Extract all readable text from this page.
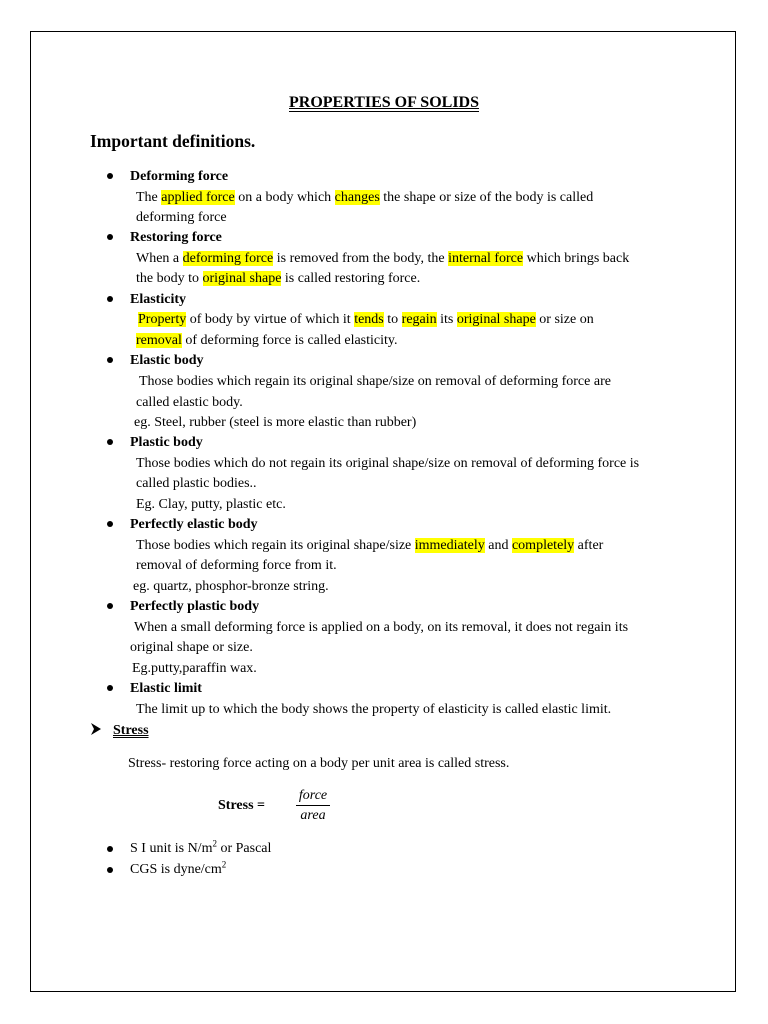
PROPERTIES OF SOLIDS
Important definitions.
Deforming force
The applied force on a body which changes the shape or size of the body is called
deforming force
Restoring force
When a deforming force is removed from the body, the internal force which brings back
the body to original shape is called restoring force.
Elasticity
Property of body by virtue of which it tends to regain its original shape or size on
removal of deforming force is called elasticity.
Elastic body
Those bodies which regain its original shape/size on removal of deforming force are
called elastic body.
eg. Steel, rubber (steel is more elastic than rubber)
Plastic body
Those bodies which do not regain its original shape/size on removal of deforming force is
called plastic bodies..
Eg. Clay, putty, plastic etc.
Perfectly elastic body
Those bodies which regain its original shape/size immediately and completely after
removal of deforming force from it.
eg. quartz, phosphor-bronze string.
Perfectly plastic body
When a small deforming force is applied on a body, on its removal, it does not regain its
original shape or size.
Eg.putty,paraffin wax.
Elastic limit
The limit up to which the body shows the property of elasticity is called elastic limit.
Stress
Stress- restoring force acting on a body per unit area is called stress.
Stress =
force
area
S I unit is $N/m^2$ or Pascal
CGS is dyne/$cm^2$
